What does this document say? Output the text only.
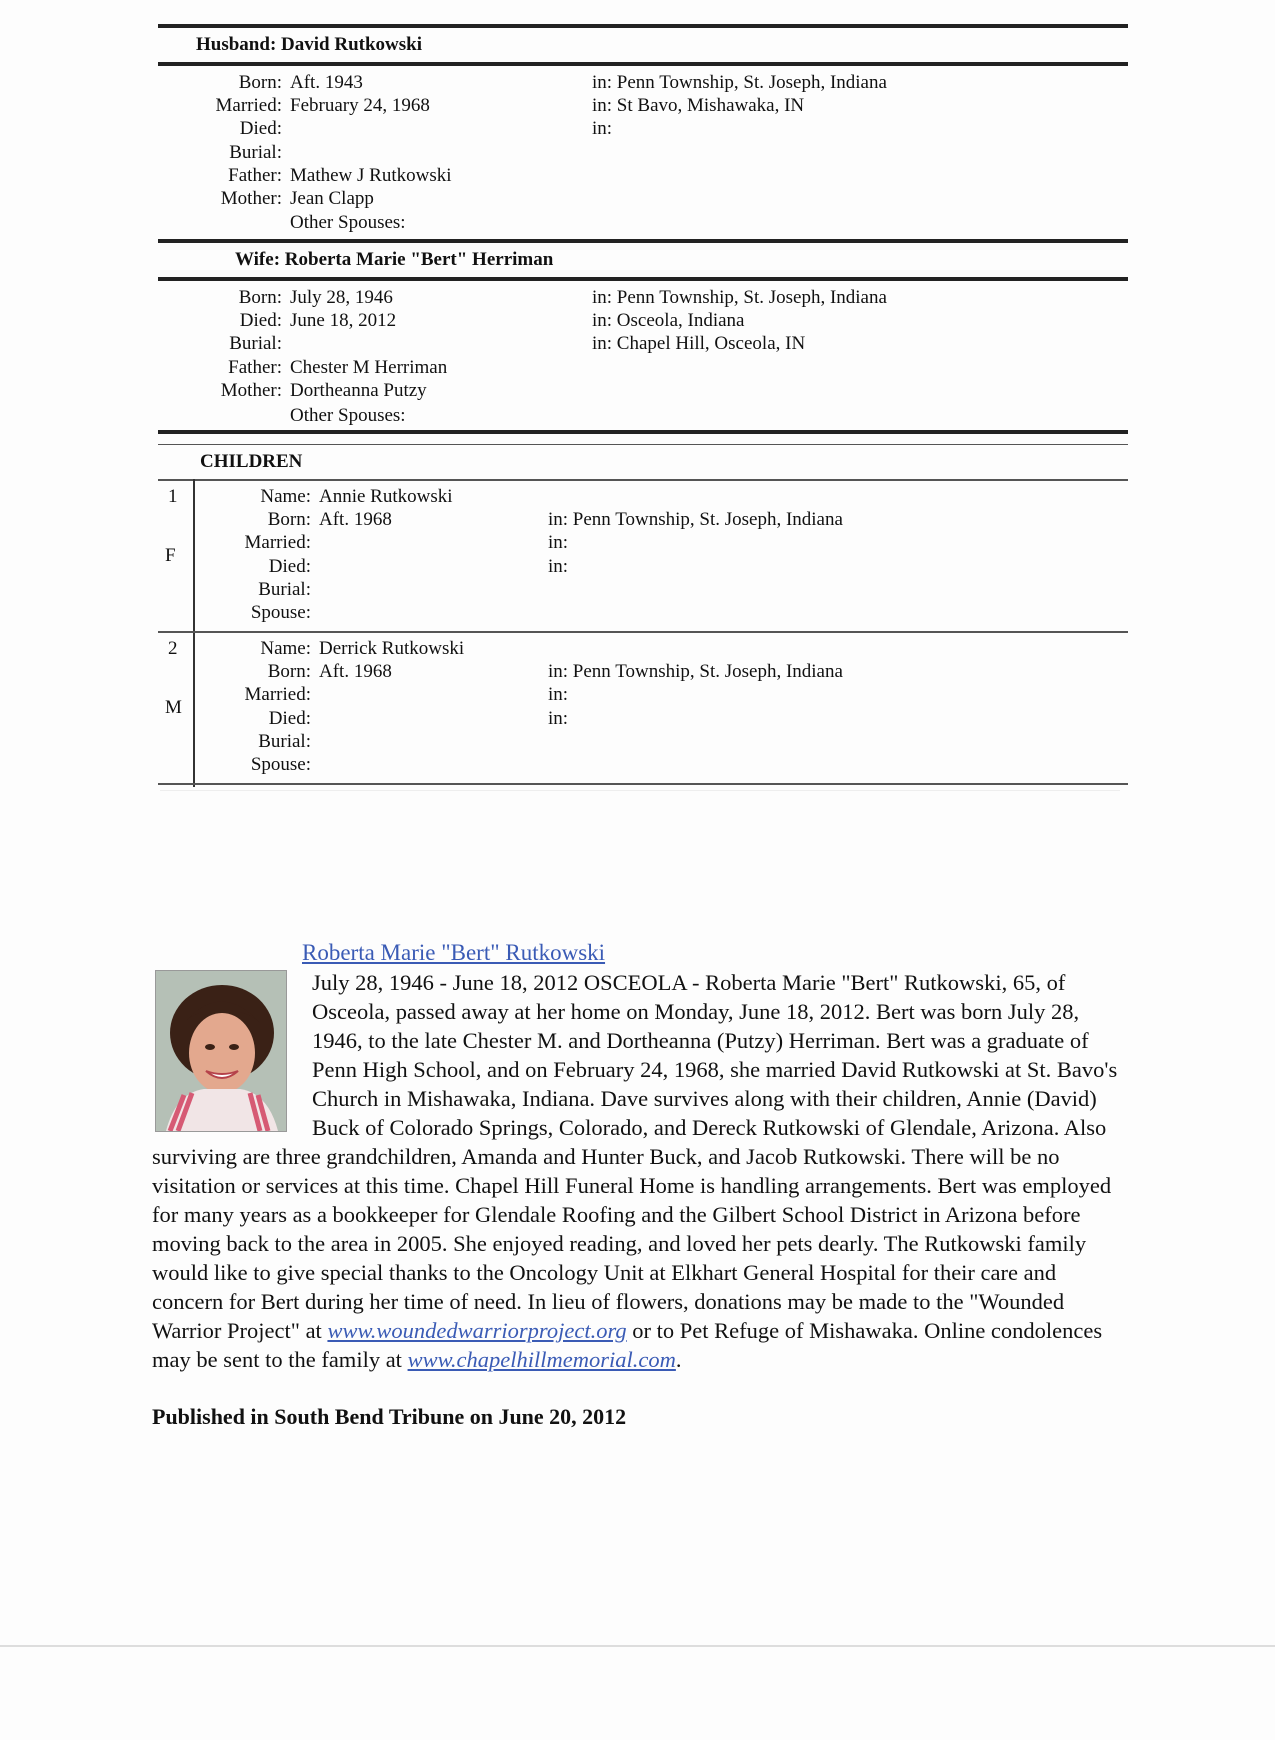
Husband: David Rutkowski
Born: Aft. 1943	in: Penn Township, St. Joseph, Indiana
Married: February 24, 1968	in: St Bavo, Mishawaka, IN
Died:	in:
Burial:
Father: Mathew J Rutkowski
Mother: Jean Clapp
Other Spouses:
Wife: Roberta Marie "Bert" Herriman
Born: July 28, 1946	in: Penn Township, St. Joseph, Indiana
Died: June 18, 2012	in: Osceola, Indiana
Burial:	in: Chapel Hill, Osceola, IN
Father: Chester M Herriman
Mother: Dortheanna Putzy
Other Spouses:
CHILDREN
1
F
Name: Annie Rutkowski
Born: Aft. 1968	in: Penn Township, St. Joseph, Indiana
Married:	in:
Died:	in:
Burial:
Spouse:
2
M
Name: Derrick Rutkowski
Born: Aft. 1968	in: Penn Township, St. Joseph, Indiana
Married:	in:
Died:	in:
Burial:
Spouse:
Roberta Marie "Bert" Rutkowski
July 28, 1946 - June 18, 2012 OSCEOLA - Roberta Marie "Bert" Rutkowski, 65, of Osceola, passed away at her home on Monday, June 18, 2012. Bert was born July 28, 1946, to the late Chester M. and Dortheanna (Putzy) Herriman. Bert was a graduate of Penn High School, and on February 24, 1968, she married David Rutkowski at St. Bavo's Church in Mishawaka, Indiana. Dave survives along with their children, Annie (David) Buck of Colorado Springs, Colorado, and Dereck Rutkowski of Glendale, Arizona. Also surviving are three grandchildren, Amanda and Hunter Buck, and Jacob Rutkowski. There will be no visitation or services at this time. Chapel Hill Funeral Home is handling arrangements. Bert was employed for many years as a bookkeeper for Glendale Roofing and the Gilbert School District in Arizona before moving back to the area in 2005. She enjoyed reading, and loved her pets dearly. The Rutkowski family would like to give special thanks to the Oncology Unit at Elkhart General Hospital for their care and concern for Bert during her time of need. In lieu of flowers, donations may be made to the "Wounded Warrior Project" at www.woundedwarriorproject.org or to Pet Refuge of Mishawaka. Online condolences may be sent to the family at www.chapelhillmemorial.com.
Published in South Bend Tribune on June 20, 2012
